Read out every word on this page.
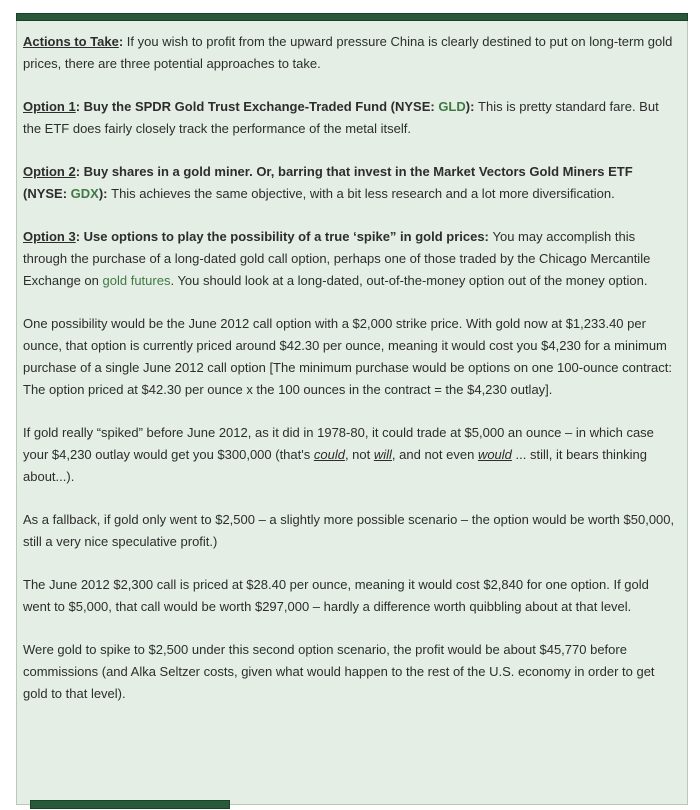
Actions to Take: If you wish to profit from the upward pressure China is clearly destined to put on long-term gold prices, there are three potential approaches to take.

Option 1: Buy the SPDR Gold Trust Exchange-Traded Fund (NYSE: GLD): This is pretty standard fare. But the ETF does fairly closely track the performance of the metal itself.

Option 2: Buy shares in a gold miner. Or, barring that invest in the Market Vectors Gold Miners ETF (NYSE: GDX): This achieves the same objective, with a bit less research and a lot more diversification.

Option 3: Use options to play the possibility of a true ‘spike” in gold prices: You may accomplish this through the purchase of a long-dated gold call option, perhaps one of those traded by the Chicago Mercantile Exchange on gold futures. You should look at a long-dated, out-of-the-money option out of the money option.

One possibility would be the June 2012 call option with a $2,000 strike price. With gold now at $1,233.40 per ounce, that option is currently priced around $42.30 per ounce, meaning it would cost you $4,230 for a minimum purchase of a single June 2012 call option [The minimum purchase would be options on one 100-ounce contract: The option priced at $42.30 per ounce x the 100 ounces in the contract = the $4,230 outlay].

If gold really “spiked” before June 2012, as it did in 1978-80, it could trade at $5,000 an ounce – in which case your $4,230 outlay would get you $300,000 (that's could, not will, and not even would ... still, it bears thinking about...).

As a fallback, if gold only went to $2,500 – a slightly more possible scenario – the option would be worth $50,000, still a very nice speculative profit.)

The June 2012 $2,300 call is priced at $28.40 per ounce, meaning it would cost $2,840 for one option. If gold went to $5,000, that call would be worth $297,000 – hardly a difference worth quibbling about at that level.

Were gold to spike to $2,500 under this second option scenario, the profit would be about $45,770 before commissions (and Alka Seltzer costs, given what would happen to the rest of the U.S. economy in order to get gold to that level).
